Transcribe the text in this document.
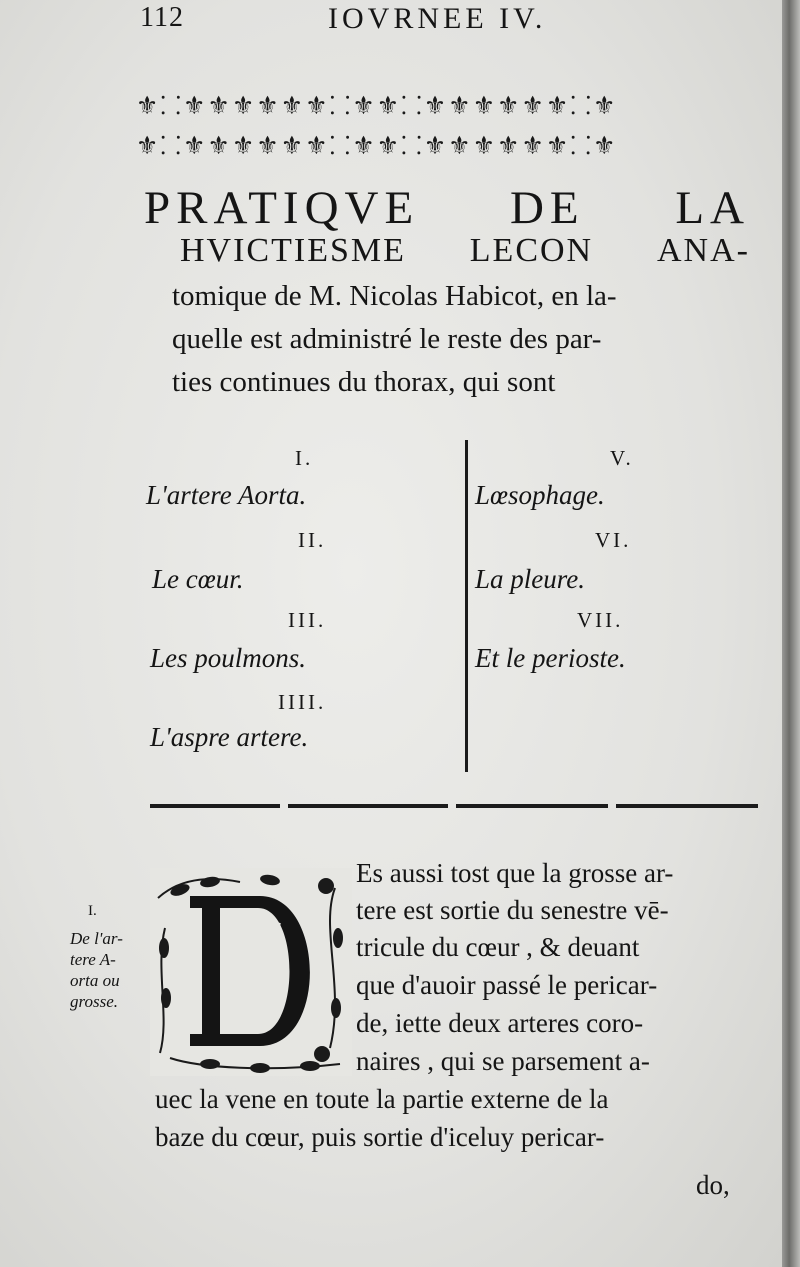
112	IOVRNEE IV.
⚜⸬⚜⚜⚜⚜⚜⚜⸬⚜⚜⸬⚜⚜⚜⚜⚜⚜⸬⚜
⚜⸬⚜⚜⚜⚜⚜⚜⸬⚜⚜⸬⚜⚜⚜⚜⚜⚜⸬⚜
PRATIQVE DE LA
HVICTIESME LECON ANA-
tomique de M. Nicolas Habicot, en la-
quelle est administré le reste des par-
ties continues du thorax, qui sont
I.
L'artere Aorta.
II.
Le cœur.
III.
Les poulmons.
IIII.
L'aspre artere.
V.
Lœsophage.
VI.
La pleure.
VII.
Et le perioste.
I.
De l'ar-
tere A-
orta ou
grosse.
Es aussi tost que la grosse ar-
tere est sortie du senestre vē-
tricule du cœur , & deuant
que d'auoir passé le pericar-
de, iette deux arteres coro-
naires , qui se parsement a-
uec la vene en toute la partie externe de la
baze du cœur, puis sortie d'iceluy pericar-
do,
